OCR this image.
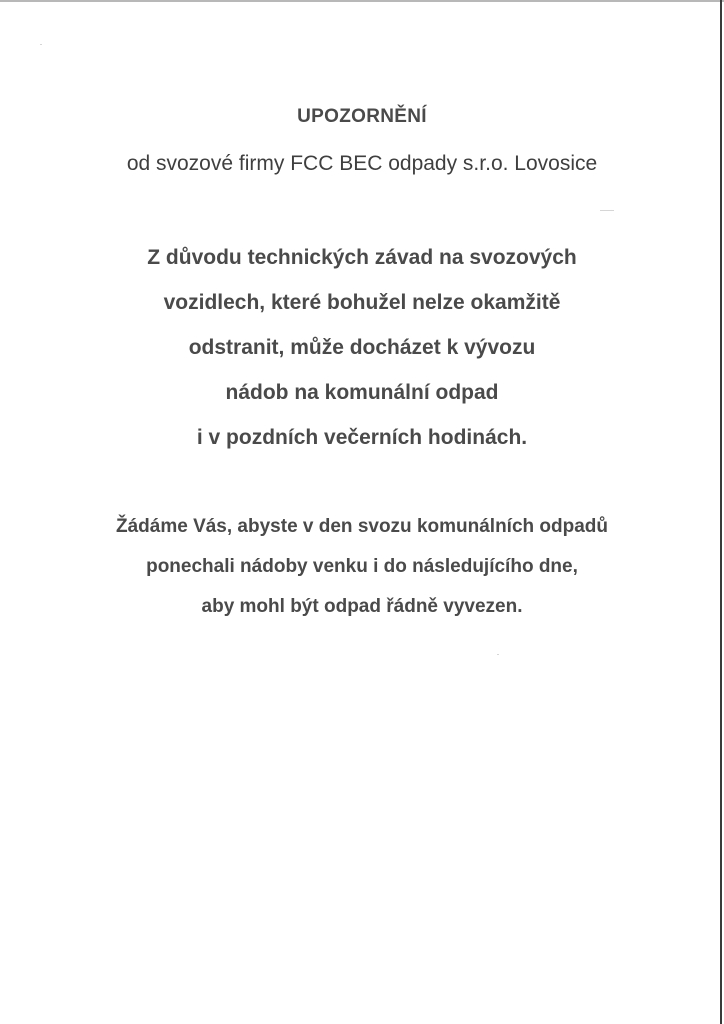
UPOZORNĚNÍ
od svozové firmy FCC BEC odpady s.r.o. Lovosice
Z důvodu technických závad na svozových
vozidlech, které bohužel nelze okamžitě
odstranit, může docházet k vývozu
nádob na komunální odpad
i v pozdních večerních hodinách.
Žádáme Vás, abyste v den svozu komunálních odpadů
ponechali nádoby venku i do následujícího dne,
aby mohl být odpad řádně vyvezen.
